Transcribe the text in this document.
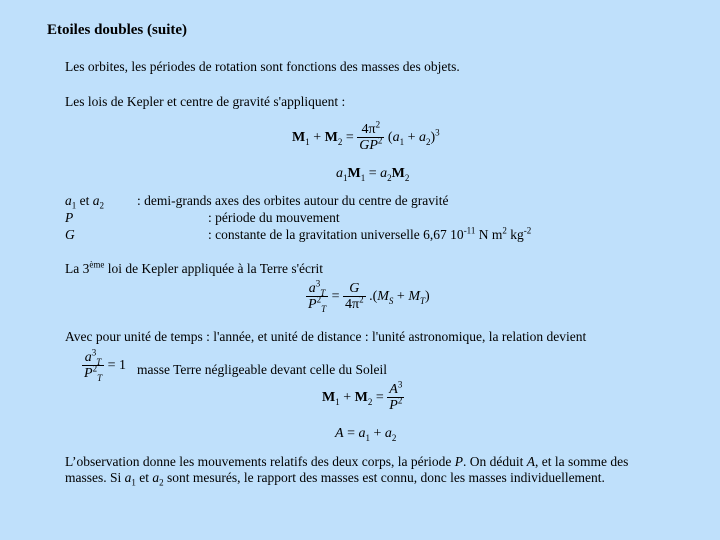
Etoiles doubles (suite)
Les orbites, les périodes de rotation sont fonctions des masses des objets.
Les lois de Kepler et centre de gravité s'appliquent :
$M_1 + M_2 = \frac{4\pi^2}{GP^2} (a_1 + a_2)^3$
$a_1M_1 = a_2M_2$
$a_1$ et $a_2$ : demi-grands axes des orbites autour du centre de gravité
P	: période du mouvement
G	: constante de la gravitation universelle 6,67 $10^{-11}$ N $m^2$ $kg^{-2}$
La 3ème loi de Kepler appliquée à la Terre s'écrit
$\frac{a^3_T}{P^2_T} = \frac{G}{4\pi^2} .(M_S + M_T)$
Avec pour unité de temps : l'année, et unité de distance : l'unité astronomique, la relation devient
$\frac{a^3_T}{P^2_T} = 1$ masse Terre négligeable devant celle du Soleil
$M_1 + M_2 = \frac{A^3}{P^2}$
$A = a_1 + a_2$
L’observation donne les mouvements relatifs des deux corps, la période P. On déduit A, et la somme des
masses. Si $a_1$ et $a_2$ sont mesurés, le rapport des masses est connu, donc les masses individuellement.
